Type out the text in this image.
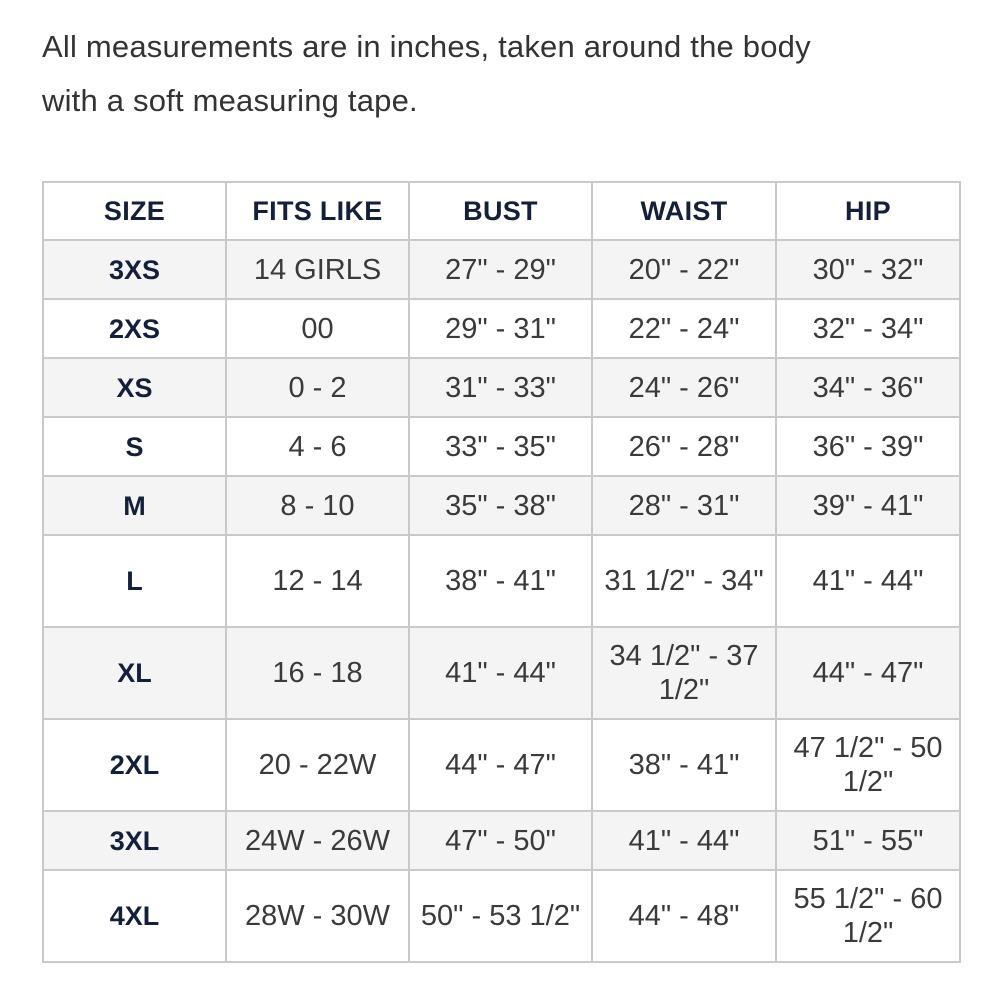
All measurements are in inches, taken around the body
with a soft measuring tape.
SIZE	FITS LIKE	BUST	WAIST	HIP
3XS	14 GIRLS	27" - 29"	20" - 22"	30" - 32"
2XS	00	29" - 31"	22" - 24"	32" - 34"
XS	0 - 2	31" - 33"	24" - 26"	34" - 36"
S	4 - 6	33" - 35"	26" - 28"	36" - 39"
M	8 - 10	35" - 38"	28" - 31"	39" - 41"
L	12 - 14	38" - 41"	31 1/2" - 34"	41" - 44"
XL	16 - 18	41" - 44"	34 1/2" - 37 1/2"	44" - 47"
2XL	20 - 22W	44" - 47"	38" - 41"	47 1/2" - 50 1/2"
3XL	24W - 26W	47" - 50"	41" - 44"	51" - 55"
4XL	28W - 30W	50" - 53 1/2"	44" - 48"	55 1/2" - 60 1/2"
